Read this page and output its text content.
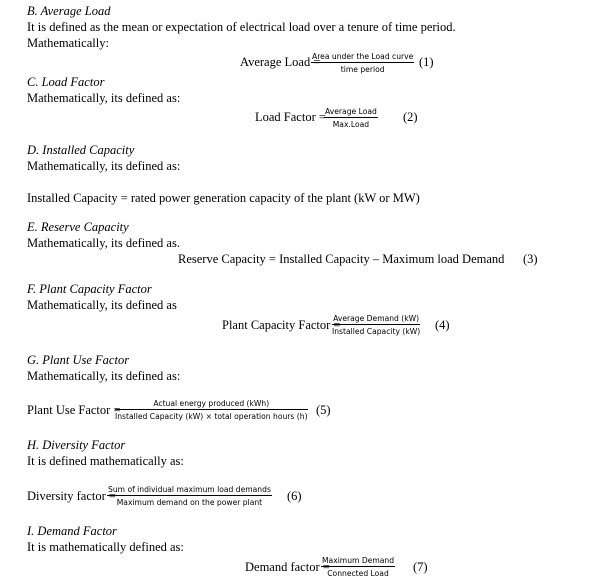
B. Average Load
It is defined as the mean or expectation of electrical load over a tenure of time period.
Mathematically:
Average Load =
Area under the Load curve
time period
(1)
C. Load Factor
Mathematically, its defined as:
Load Factor = Average Load
Max.Load
(2)
D. Installed Capacity
Mathematically, its defined as:
Installed Capacity = rated power generation capacity of the plant (kW or MW)
E. Reserve Capacity
Mathematically, its defined as.
Reserve Capacity = Installed Capacity – Maximum load Demand (3)
F. Plant Capacity Factor
Mathematically, its defined as
Plant Capacity Factor =
Average Demand (kW)
Installed Capacity (kW) (4)
G. Plant Use Factor
Mathematically, its defined as:
Plant Use Factor =	Actual energy produced (kWh)
Installed Capacity (kW) × total operation hours (h) (5)
H. Diversity Factor
It is defined mathematically as:
Diversity factor =
Sum of individual maximum load demands
Maximum demand on the power plant	(6)
I. Demand Factor
It is mathematically defined as:
Demand factor =
Maximum Demand
Connected Load	(7)
